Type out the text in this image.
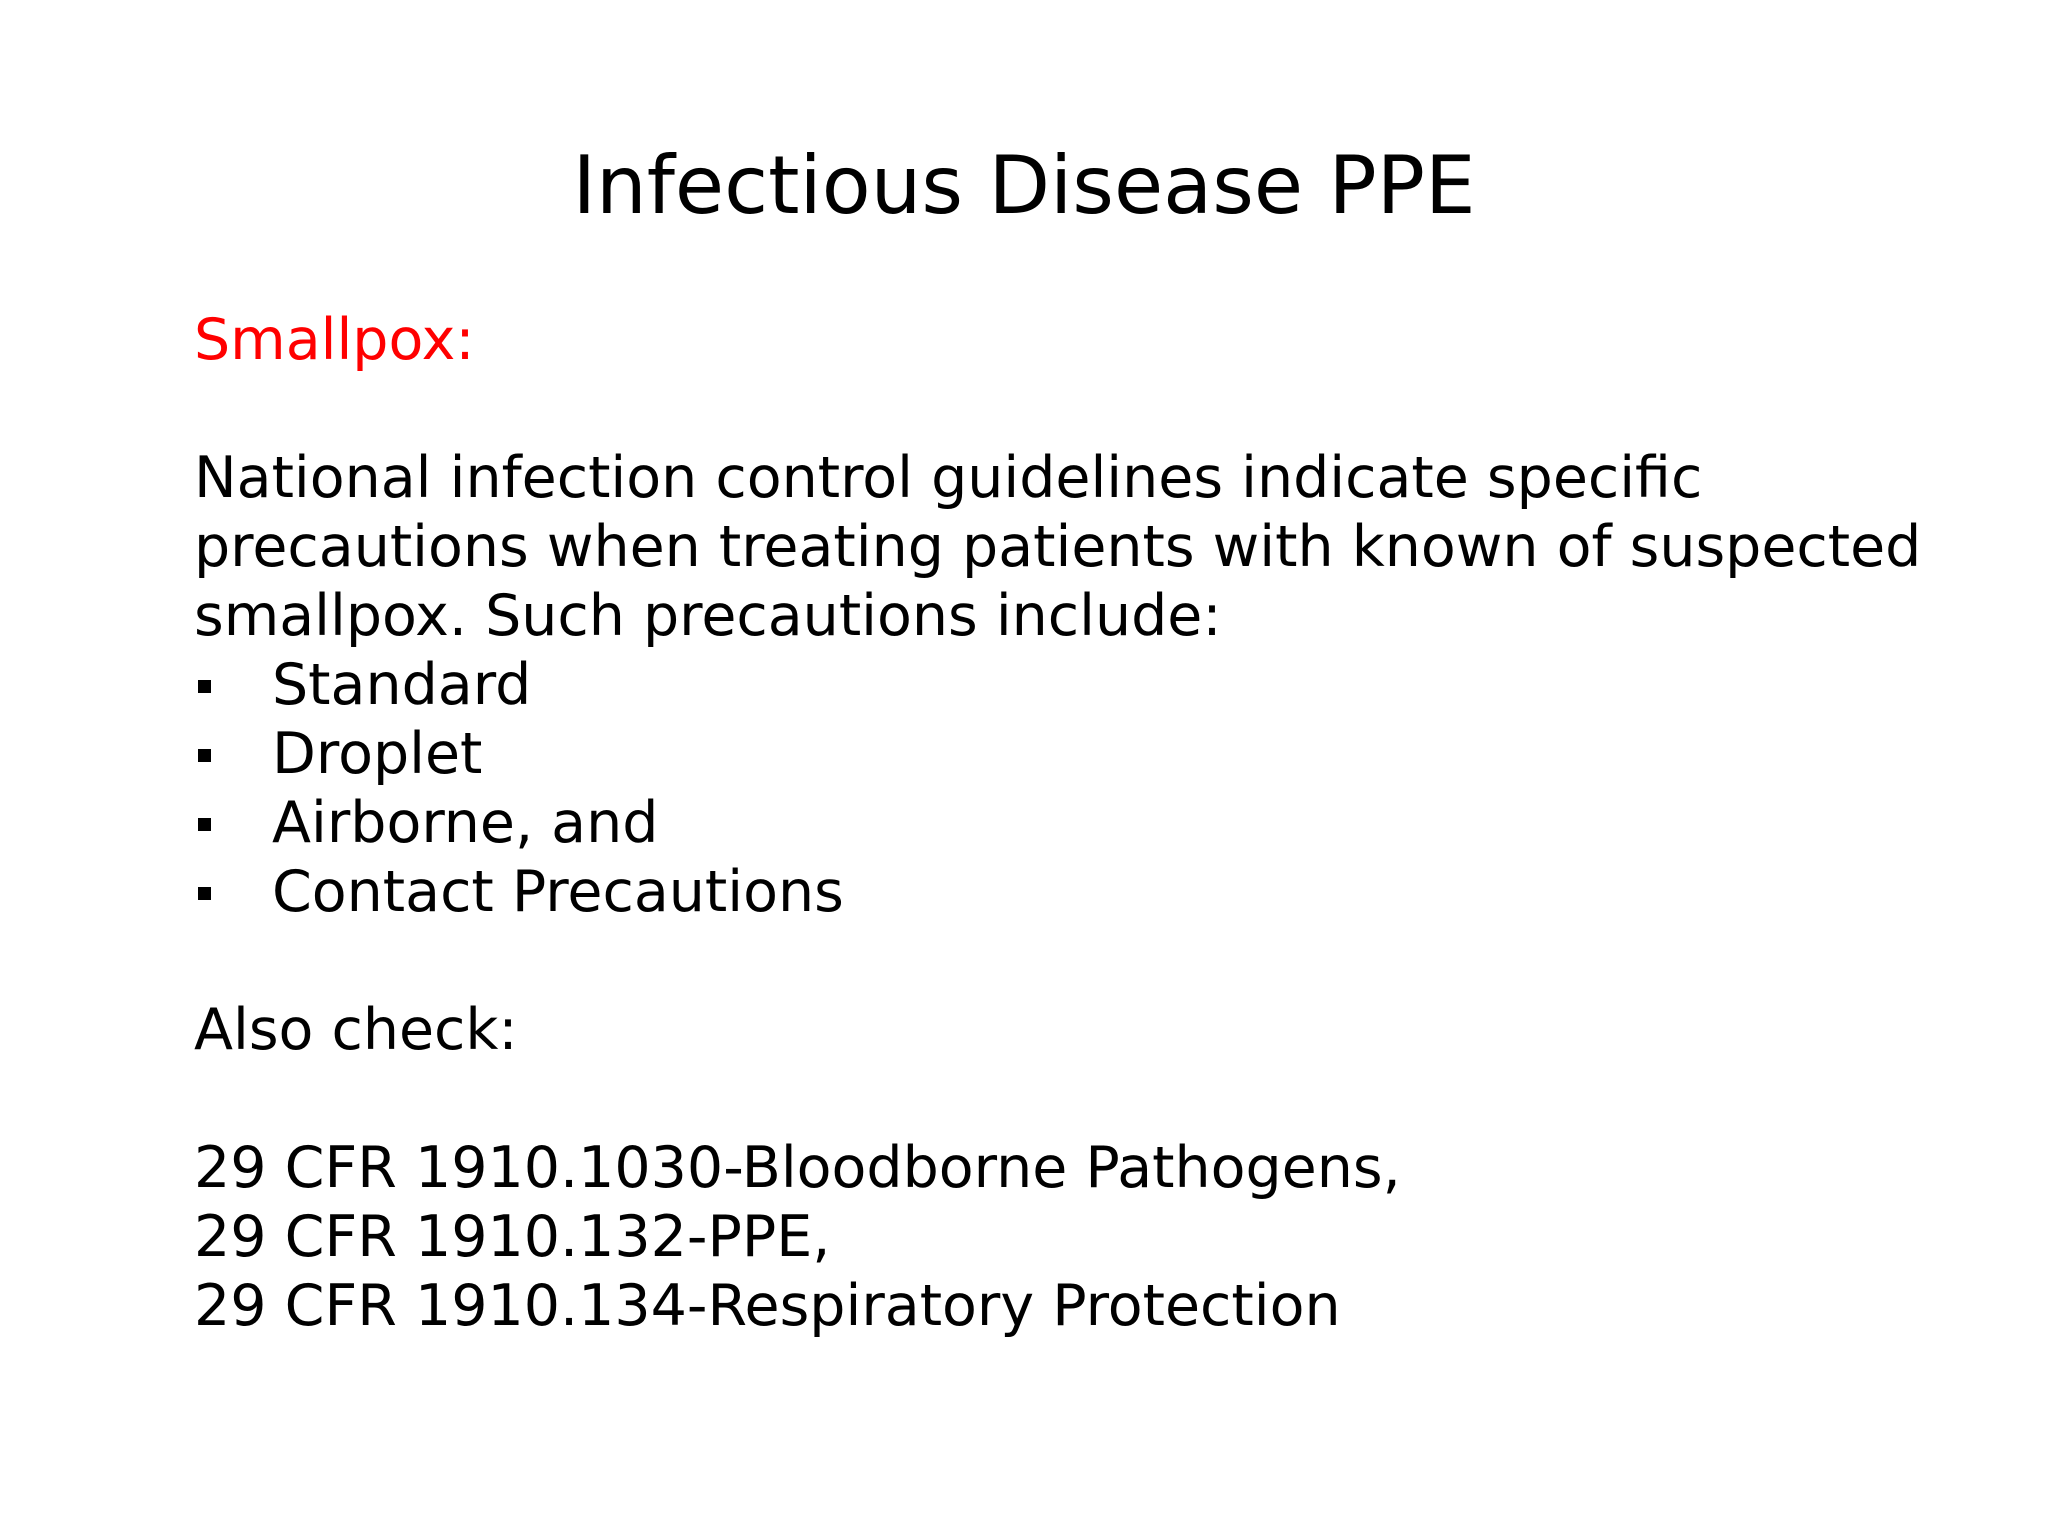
Infectious Disease PPE

Smallpox:

National infection control guidelines indicate specific

precautions when treating patients with known of suspected

smallpox. Such precautions include:

Standard
Droplet
Airborne, and
Contact Precautions

Also check:

29 CFR 1910.1030-Bloodborne Pathogens,

29 CFR 1910.132-PPE,

29 CFR 1910.134-Respiratory Protection
